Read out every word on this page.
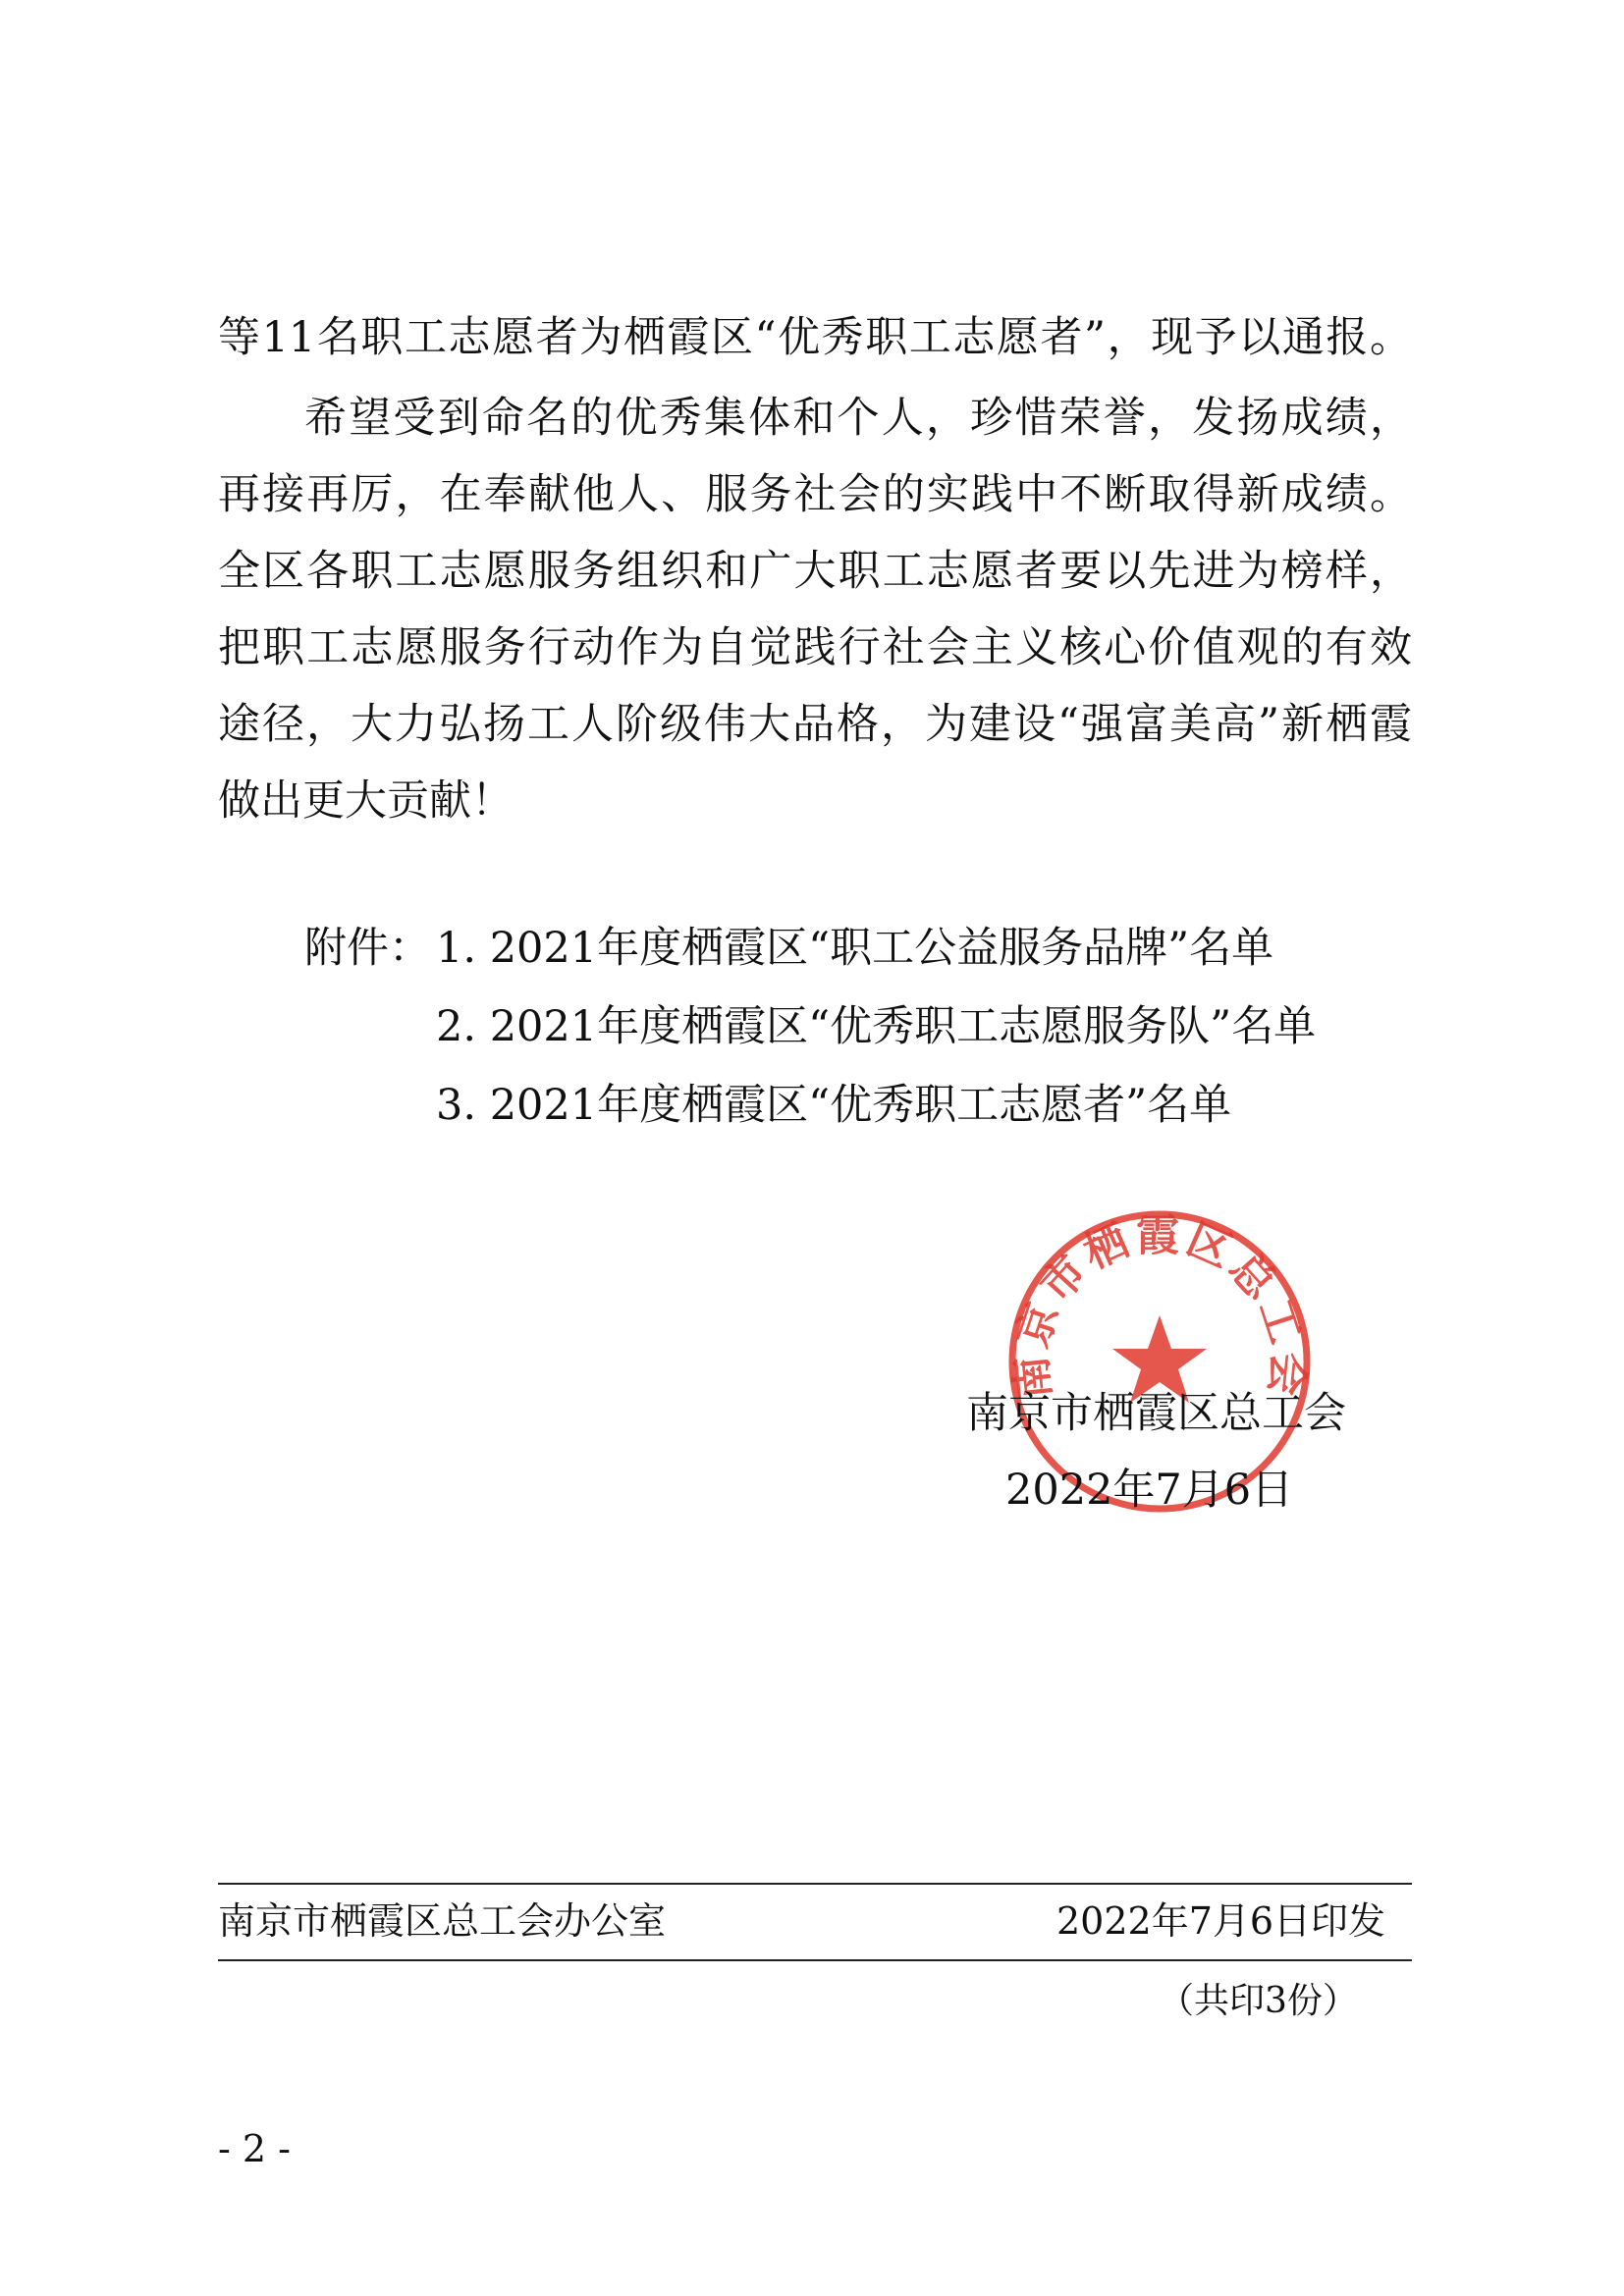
等11名职工志愿者为栖霞区“优秀职工志愿者”，现予以通报。
希望受到命名的优秀集体和个人，珍惜荣誉，发扬成绩，
再接再厉，在奉献他人、服务社会的实践中不断取得新成绩。
全区各职工志愿服务组织和广大职工志愿者要以先进为榜样，
把职工志愿服务行动作为自觉践行社会主义核心价值观的有效
途径，大力弘扬工人阶级伟大品格，为建设“强富美高”新栖霞
做出更大贡献！
附件： 1. 2021年度栖霞区“职工公益服务品牌”名单
2. 2021年度栖霞区“优秀职工志愿服务队”名单
3. 2021年度栖霞区“优秀职工志愿者”名单
南京市栖霞区总工会
南京市栖霞区总工会
2022年7月6日
南京市栖霞区总工会办公室	2022年7月6日印发
（共印3份）
- 2 -
